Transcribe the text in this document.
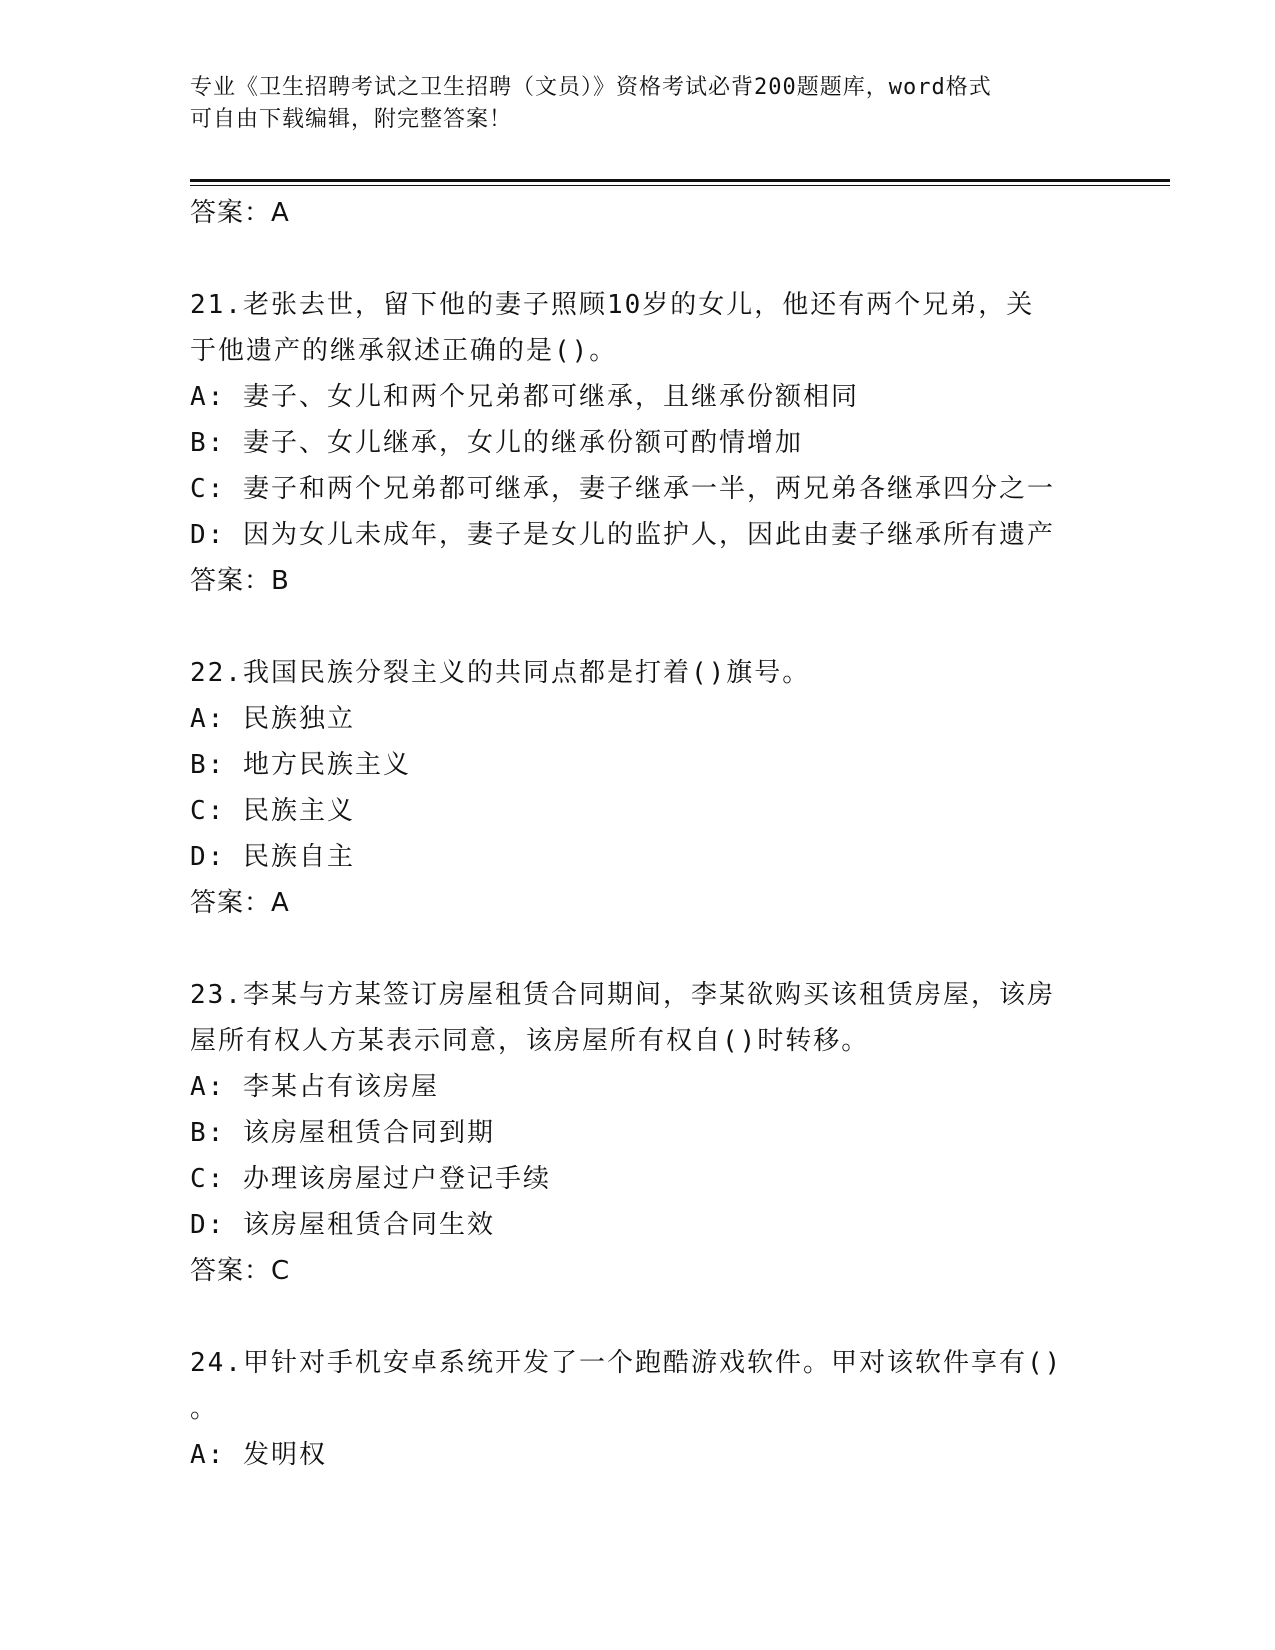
专业《卫生招聘考试之卫生招聘（文员）》资格考试必背200题题库，word格式
可自由下载编辑，附完整答案！
答案：A
21.老张去世，留下他的妻子照顾10岁的女儿，他还有两个兄弟，关
于他遗产的继承叙述正确的是()。
A: 妻子、女儿和两个兄弟都可继承，且继承份额相同
B: 妻子、女儿继承，女儿的继承份额可酌情增加
C: 妻子和两个兄弟都可继承，妻子继承一半，两兄弟各继承四分之一
D: 因为女儿未成年，妻子是女儿的监护人，因此由妻子继承所有遗产
答案：B
22.我国民族分裂主义的共同点都是打着()旗号。
A: 民族独立
B: 地方民族主义
C: 民族主义
D: 民族自主
答案：A
23.李某与方某签订房屋租赁合同期间，李某欲购买该租赁房屋，该房
屋所有权人方某表示同意，该房屋所有权自()时转移。
A: 李某占有该房屋
B: 该房屋租赁合同到期
C: 办理该房屋过户登记手续
D: 该房屋租赁合同生效
答案：C
24.甲针对手机安卓系统开发了一个跑酷游戏软件。甲对该软件享有()
。
A: 发明权
